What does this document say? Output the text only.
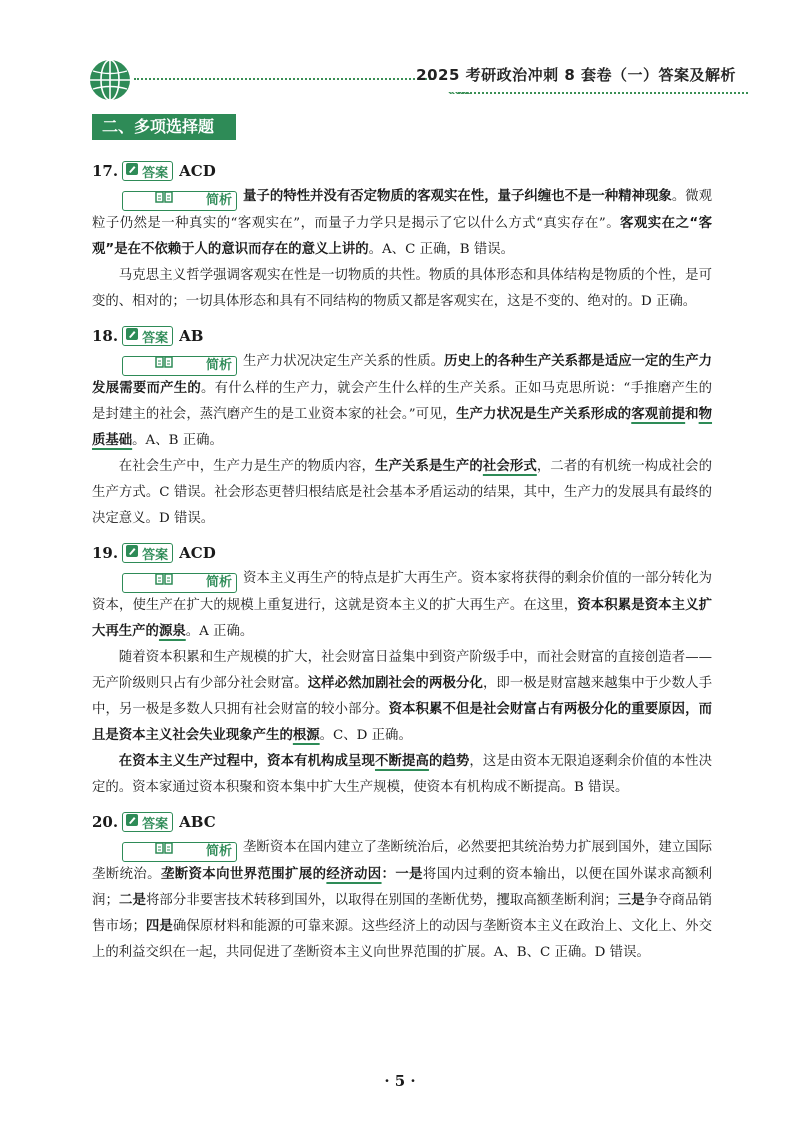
2025 考研政治冲刺 8 套卷（一）答案及解析
二、多项选择题
17. 答案 ACD

简析 量子的特性并没有否定物质的客观实在性，量子纠缠也不是一种精神现象。微观粒子仍然是一种真实的“客观实在”，而量子力学只是揭示了它以什么方式“真实存在”。客观实在之“客观”是在不依赖于人的意识而存在的意义上讲的。A、C 正确，B 错误。

马克思主义哲学强调客观实在性是一切物质的共性。物质的具体形态和具体结构是物质的个性，是可变的、相对的；一切具体形态和具有不同结构的物质又都是客观实在，这是不变的、绝对的。D 正确。

18. 答案 AB

简析 生产力状况决定生产关系的性质。历史上的各种生产关系都是适应一定的生产力发展需要而产生的。有什么样的生产力，就会产生什么样的生产关系。正如马克思所说：“手推磨产生的是封建主的社会，蒸汽磨产生的是工业资本家的社会。”可见，生产力状况是生产关系形成的客观前提和物质基础。A、B 正确。

在社会生产中，生产力是生产的物质内容，生产关系是生产的社会形式，二者的有机统一构成社会的生产方式。C 错误。社会形态更替归根结底是社会基本矛盾运动的结果，其中，生产力的发展具有最终的决定意义。D 错误。

19. 答案 ACD

简析 资本主义再生产的特点是扩大再生产。资本家将获得的剩余价值的一部分转化为资本，使生产在扩大的规模上重复进行，这就是资本主义的扩大再生产。在这里，资本积累是资本主义扩大再生产的源泉。A 正确。

随着资本积累和生产规模的扩大，社会财富日益集中到资产阶级手中，而社会财富的直接创造者——无产阶级则只占有少部分社会财富。这样必然加剧社会的两极分化，即一极是财富越来越集中于少数人手中，另一极是多数人只拥有社会财富的较小部分。资本积累不但是社会财富占有两极分化的重要原因，而且是资本主义社会失业现象产生的根源。C、D 正确。

在资本主义生产过程中，资本有机构成呈现不断提高的趋势，这是由资本无限追逐剩余价值的本性决定的。资本家通过资本积聚和资本集中扩大生产规模，使资本有机构成不断提高。B 错误。

20. 答案 ABC

简析 垄断资本在国内建立了垄断统治后，必然要把其统治势力扩展到国外，建立国际垄断统治。垄断资本向世界范围扩展的经济动因：一是将国内过剩的资本输出，以便在国外谋求高额利润；二是将部分非要害技术转移到国外，以取得在别国的垄断优势，攫取高额垄断利润；三是争夺商品销售市场；四是确保原材料和能源的可靠来源。这些经济上的动因与垄断资本主义在政治上、文化上、外交上的利益交织在一起，共同促进了垄断资本主义向世界范围的扩展。A、B、C 正确。D 错误。

· 5 ·
